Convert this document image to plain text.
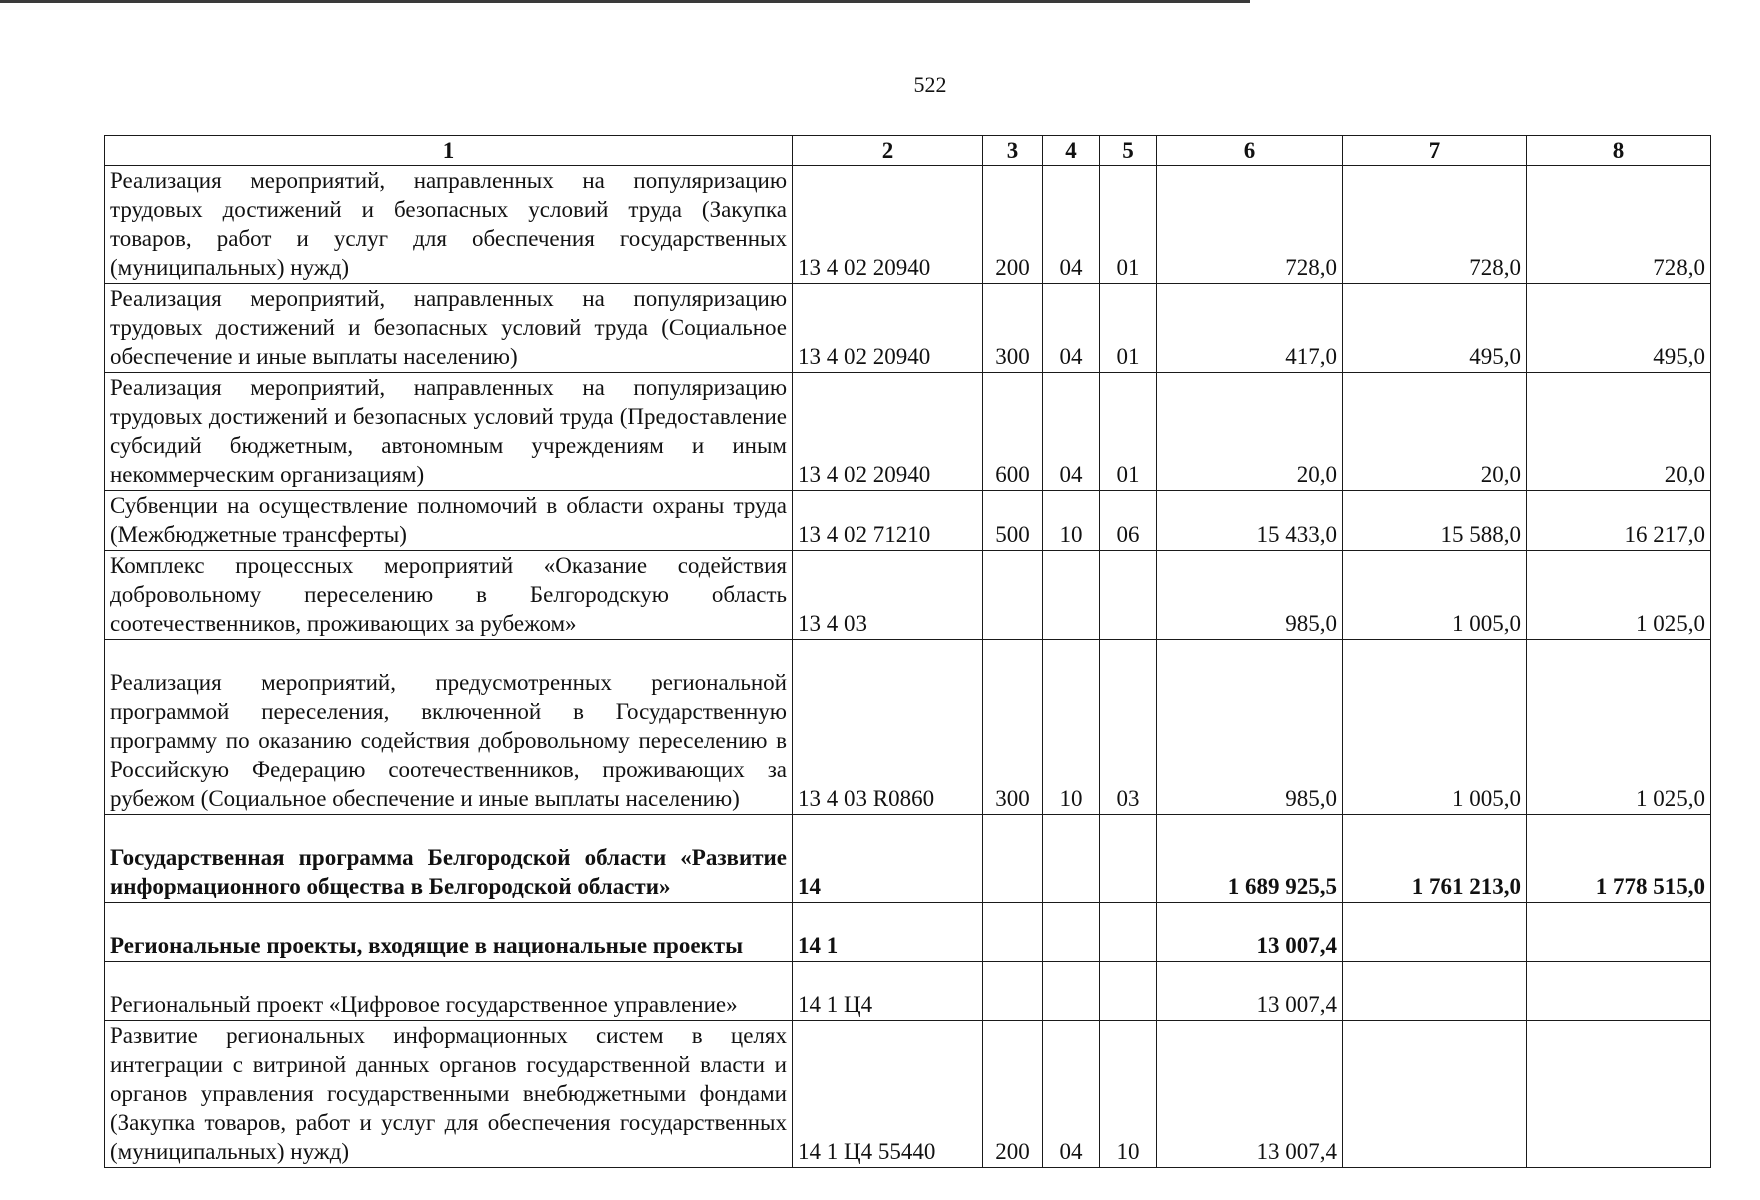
522
1	2	3	4	5	6	7	8
Реализация мероприятий, направленных на популяризацию трудовых достижений и безопасных условий труда (Закупка товаров, работ и услуг для обеспечения государственных (муниципальных) нужд)	13 4 02 20940	200	04	01	728,0	728,0	728,0
Реализация мероприятий, направленных на популяризацию трудовых достижений и безопасных условий труда (Социальное обеспечение и иные выплаты населению)	13 4 02 20940	300	04	01	417,0	495,0	495,0
Реализация мероприятий, направленных на популяризацию трудовых достижений и безопасных условий труда (Предоставление субсидий бюджетным, автономным учреждениям и иным некоммерческим организациям)	13 4 02 20940	600	04	01	20,0	20,0	20,0
Субвенции на осуществление полномочий в области охраны труда (Межбюджетные трансферты)	13 4 02 71210	500	10	06	15 433,0	15 588,0	16 217,0
Комплекс процессных мероприятий «Оказание содействия добровольному переселению в Белгородскую область соотечественников, проживающих за рубежом»	13 4 03				985,0	1 005,0	1 025,0
Реализация мероприятий, предусмотренных региональной программой переселения, включенной в Государственную программу по оказанию содействия добровольному переселению в Российскую Федерацию соотечественников, проживающих за рубежом (Социальное обеспечение и иные выплаты населению)	13 4 03 R0860	300	10	03	985,0	1 005,0	1 025,0
Государственная программа Белгородской области «Развитие информационного общества в Белгородской области»	14				1 689 925,5	1 761 213,0	1 778 515,0
Региональные проекты, входящие в национальные проекты	14 1				13 007,4		
Региональный проект «Цифровое государственное управление»	14 1 Ц4				13 007,4		
Развитие региональных информационных систем в целях интеграции с витриной данных органов государственной власти и органов управления государственными внебюджетными фондами (Закупка товаров, работ и услуг для обеспечения государственных (муниципальных) нужд)	14 1 Ц4 55440	200	04	10	13 007,4		
